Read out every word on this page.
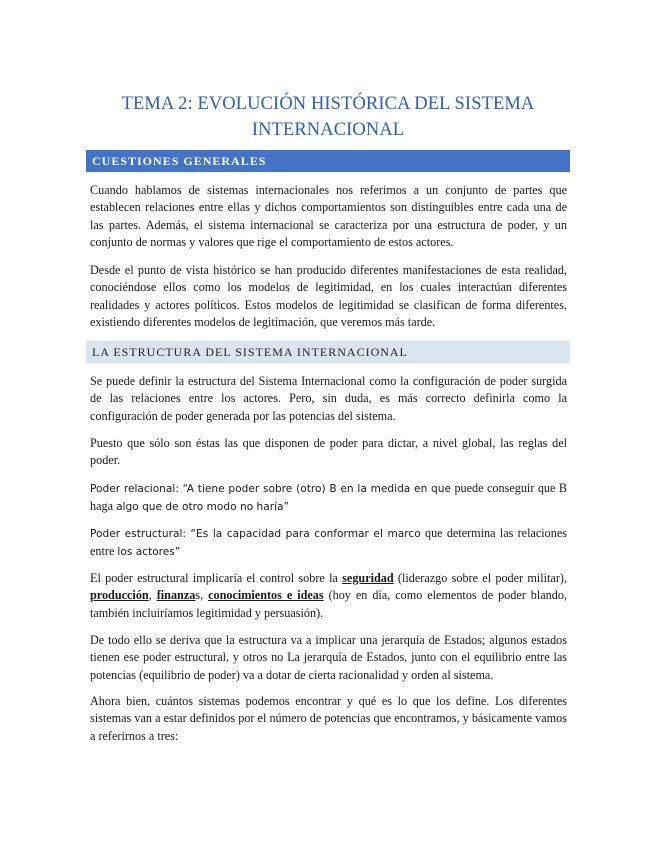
TEMA 2: EVOLUCIÓN HISTÓRICA DEL SISTEMA
INTERNACIONAL
CUESTIONES GENERALES

Cuando hablamos de sistemas internacionales nos referimos a un conjunto de partes que establecen relaciones entre ellas y dichos comportamientos son distinguibles entre cada una de las partes. Además, el sistema internacional se caracteriza por una estructura de poder, y un conjunto de normas y valores que rige el comportamiento de estos actores.

Desde el punto de vista histórico se han producido diferentes manifestaciones de esta realidad, conociéndose ellos como los modelos de legitimidad, en los cuales interactúan diferentes realidades y actores políticos. Estos modelos de legitimidad se clasifican de forma diferentes, existiendo diferentes modelos de legitimación, que veremos más tarde.

LA ESTRUCTURA DEL SISTEMA INTERNACIONAL

Se puede definir la estructura del Sistema Internacional como la configuración de poder surgida de las relaciones entre los actores. Pero, sin duda, es más correcto definirla como la configuración de poder generada por las potencias del sistema.

Puesto que sólo son éstas las que disponen de poder para dictar, a nivel global, las reglas del poder.

Poder relacional: “A tiene poder sobre (otro) B en la medida en que puede conseguir que B haga algo que de otro modo no haría”

Poder estructural: “Es la capacidad para conformar el marco que determina las relaciones entre los actores”

El poder estructural implicaría el control sobre la seguridad (liderazgo sobre el poder militar), producción, finanzas, conocimientos e ideas (hoy en día, como elementos de poder blando, también incluiríamos legitimidad y persuasión).

De todo ello se deriva que la estructura va a implicar una jerarquía de Estados; algunos estados tienen ese poder estructural, y otros no La jerarquía de Estados, junto con el equilibrio entre las potencias (equilibrio de poder) va a dotar de cierta racionalidad y orden al sistema.

Ahora bien, cuántos sistemas podemos encontrar y qué es lo que los define. Los diferentes sistemas van a estar definidos por el número de potencias que encontramos, y básicamente vamos a referirnos a tres:
